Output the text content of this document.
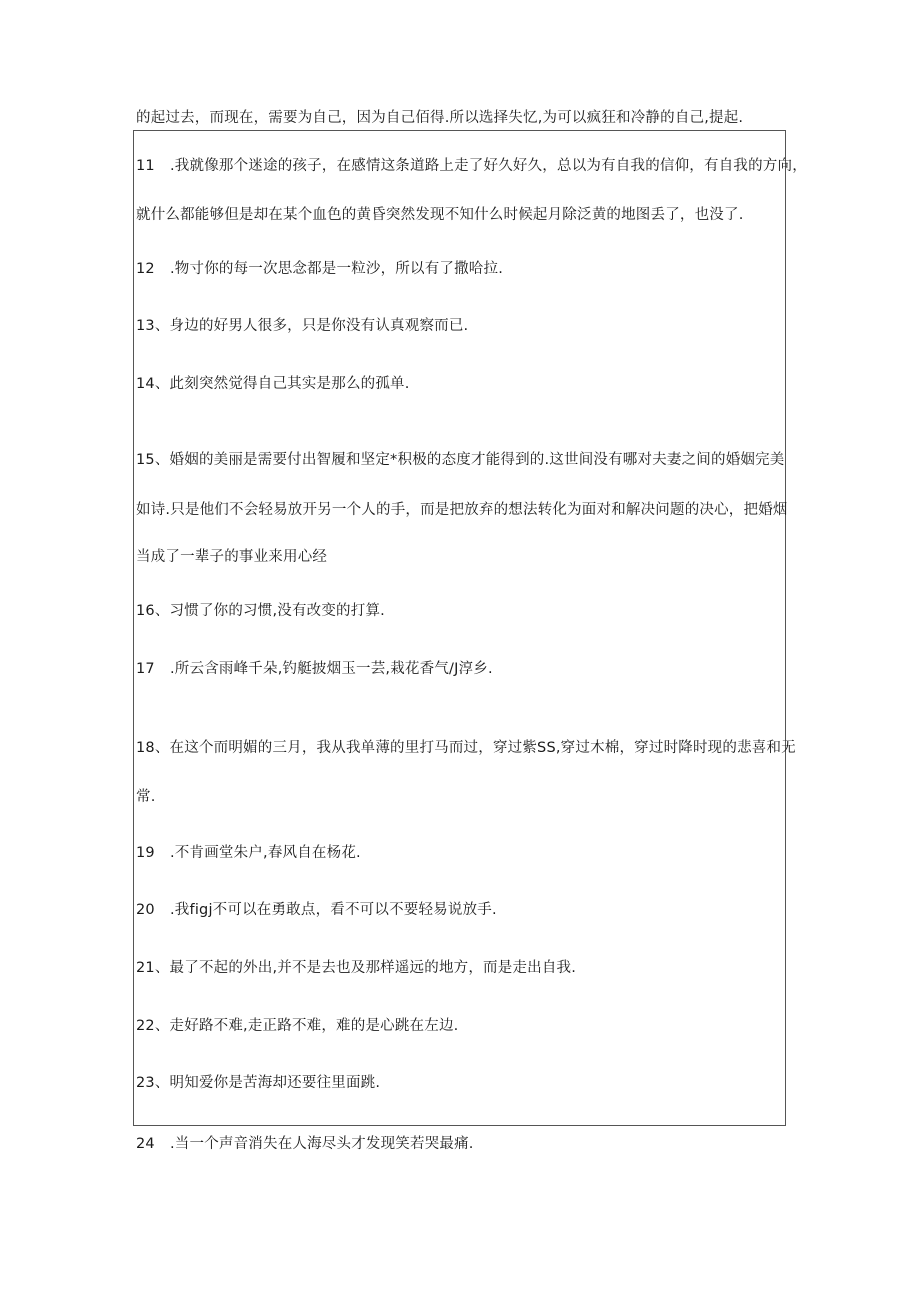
的起过去，而现在，需要为自己，因为自己佰得.所以选择失忆,为可以疯狂和冷静的自己,提起.
11 .我就像那个迷途的孩子，在感情这条道路上走了好久好久，总以为有自我的信仰，有自我的方向，
就什么都能够但是却在某个血色的黄昏突然发现不知什么时候起月除泛黄的地图丢了，也没了.
12 .物寸你的每一次思念都是一粒沙，所以有了撒哈拉.
13、身边的好男人很多，只是你没有认真观察而已.
14、此刻突然觉得自己其实是那么的孤单.
15、婚姻的美丽是需要付出智履和坚定*积极的态度才能得到的.这世间没有哪对夫妻之间的婚姻完美
如诗.只是他们不会轻易放开另一个人的手，而是把放弃的想法转化为面对和解决问题的决心，把婚烟
当成了一辈子的事业来用心经
16、习惯了你的习惯,没有改变的打算.
17 .所云含雨峰千朵,钓艇披烟玉一芸,栽花香气/J淳乡.
18、在这个而明媚的三月，我从我单薄的里打马而过，穿过紫SS,穿过木棉，穿过时降时现的悲喜和无
常.
19 .不肯画堂朱户,春风自在杨花.
20 .我figj不可以在勇敢点，看不可以不要轻易说放手.
21、最了不起的外出,并不是去也及那样遥远的地方，而是走出自我.
22、走好路不难,走正路不难，难的是心跳在左边.
23、明知爱你是苦海却还要往里面跳.
24 .当一个声音消失在人海尽头才发现笑若哭最痛.
